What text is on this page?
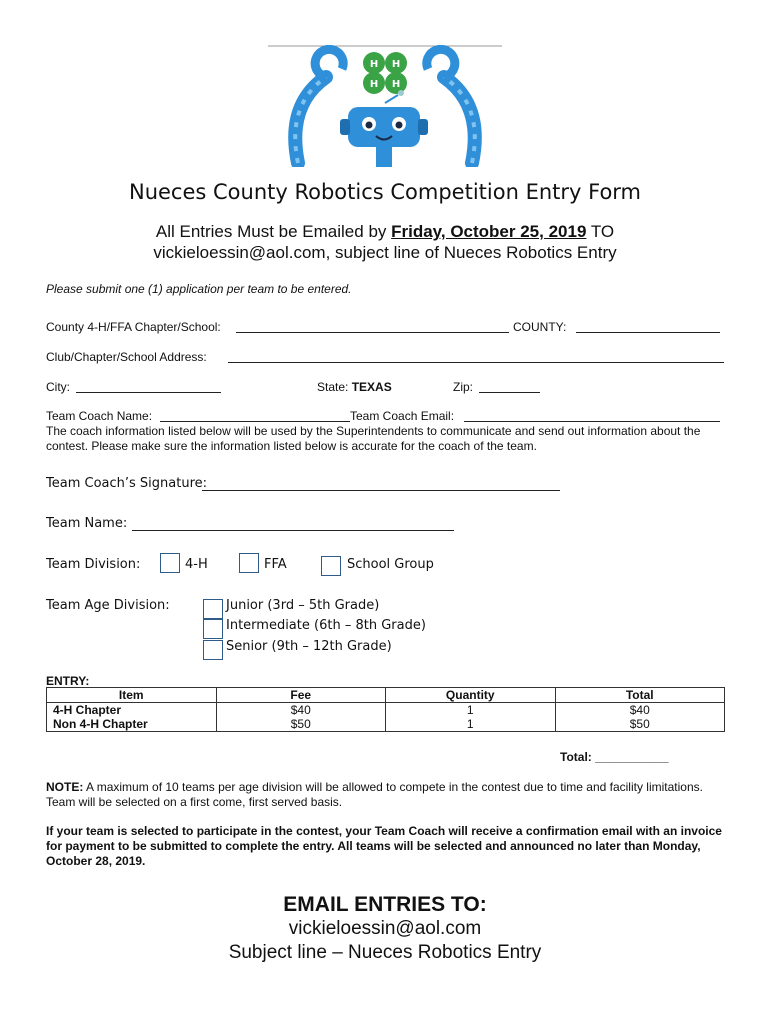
H H
H H
Nueces County Robotics Competition Entry Form
All Entries Must be Emailed by Friday, October 25, 2019 TO
vickieloessin@aol.com, subject line of Nueces Robotics Entry
Please submit one (1) application per team to be entered.
County 4-H/FFA Chapter/School:	COUNTY:
Club/Chapter/School Address:
City:	State: TEXAS	Zip:
Team Coach Name:	Team Coach Email:
The coach information listed below will be used by the Superintendents to communicate and send out information about the contest. Please make sure the information listed below is accurate for the coach of the team.
Team Coach’s Signature:
Team Name:
Team Division:	4-H	FFA	School Group
Team Age Division:	Junior (3rd – 5th Grade)
Intermediate (6th – 8th Grade)
Senior (9th – 12th Grade)
ENTRY:
Item	Fee	Quantity	Total
4-H Chapter	$40	1	$40
Non 4-H Chapter	$50	1	$50
Total: ___________
NOTE: A maximum of 10 teams per age division will be allowed to compete in the contest due to time and facility limitations. Team will be selected on a first come, first served basis.
If your team is selected to participate in the contest, your Team Coach will receive a confirmation email with an invoice for payment to be submitted to complete the entry. All teams will be selected and announced no later than Monday, October 28, 2019.
EMAIL ENTRIES TO:
vickieloessin@aol.com
Subject line – Nueces Robotics Entry
